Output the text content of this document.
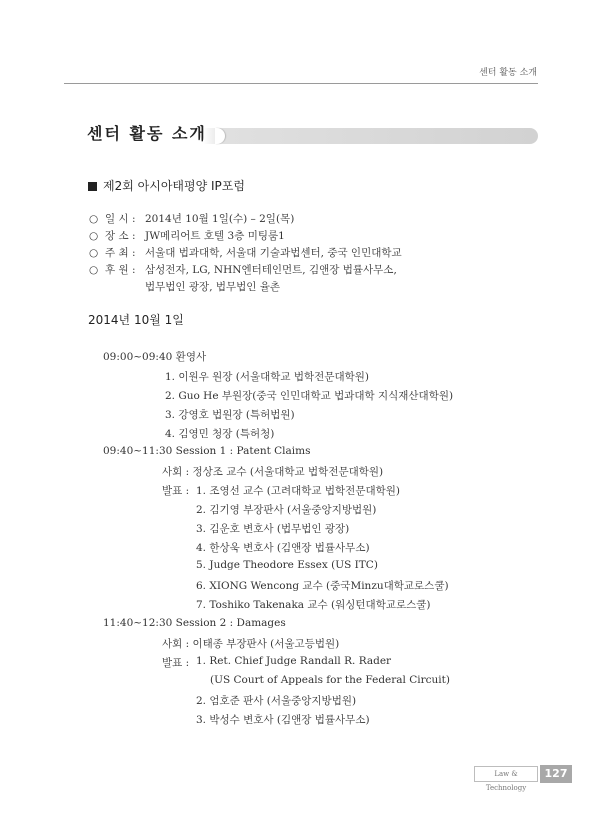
센터 활동 소개
센터 활동 소개
제2회 아시아태평양 IP포럼
○ 일 시 : 2014년 10월 1일(수) – 2일(목)
○ 장 소 : JW메리어트 호텔 3층 미팅룸1
○ 주 최 : 서울대 법과대학, 서울대 기술과법센터, 중국 인민대학교
○ 후 원 : 삼성전자, LG, NHN엔터테인먼트, 김앤장 법률사무소,
법무법인 광장, 법무법인 율촌
2014년 10월 1일
09:00~09:40 환영사
1. 이원우 원장 (서울대학교 법학전문대학원)
2. Guo He 부원장(중국 인민대학교 법과대학 지식재산대학원)
3. 강영호 법원장 (특허법원)
4. 김영민 청장 (특허청)
09:40~11:30 Session 1 : Patent Claims
사회 : 정상조 교수 (서울대학교 법학전문대학원)
발표 : 1. 조영선 교수 (고려대학교 법학전문대학원)
2. 김기영 부장판사 (서울중앙지방법원)
3. 김운호 변호사 (법무법인 광장)
4. 한상욱 변호사 (김앤장 법률사무소)
5. Judge Theodore Essex (US ITC)
6. XIONG Wencong 교수 (중국Minzu대학교로스쿨)
7. Toshiko Takenaka 교수 (워싱턴대학교로스쿨)
11:40~12:30 Session 2 : Damages
사회 : 이태종 부장판사 (서울고등법원)
발표 : 1. Ret. Chief Judge Randall R. Rader
(US Court of Appeals for the Federal Circuit)
2. 엄호준 판사 (서울중앙지방법원)
3. 박성수 변호사 (김앤장 법률사무소)
Law & Technology
127
